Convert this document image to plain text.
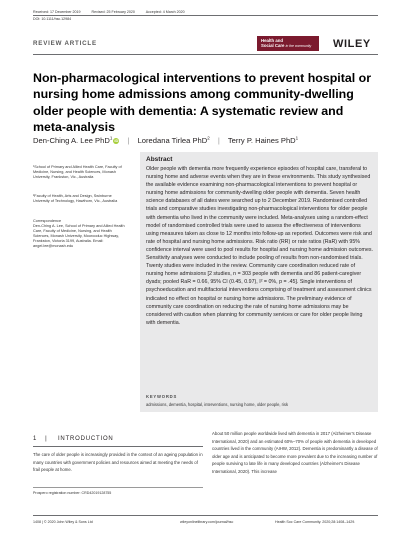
Received: 17 December 2019	Revised: 25 February 2020	Accepted: 4 March 2020
DOI: 10.1111/hsc.12984
REVIEW ARTICLE	Health and
Social Care in the community WILEY
Non-pharmacological interventions to prevent hospital or nursing home admissions among community-dwelling older people with dementia: A systematic review and meta-analysis
Den-Ching A. Lee PhD$^1$iD | Loredana Tirlea PhD$^2$ | Terry P. Haines PhD$^1$
¹School of Primary and Allied Health Care, Faculty of Medicine, Nursing, and Health Sciences, Monash University, Frankston, Vic., Australia
²Faculty of Health, Arts and Design, Swinburne University of Technology, Hawthorn, Vic., Australia
Correspondence
Den-Ching A. Lee, School of Primary and Allied Health Care, Faculty of Medicine, Nursing, and Health Sciences, Monash University, Moorooduc Highway, Frankston, Victoria 3199, Australia. Email: angel.lee@monash.edu
Abstract
Older people with dementia more frequently experience episodes of hospital care, transferal to nursing home and adverse events when they are in these environments. This study synthesised the available evidence examining non-pharmacological interventions to prevent hospital or nursing home admissions for community-dwelling older people with dementia. Seven health science databases of all dates were searched up to 2 December 2019. Randomised controlled trials and comparative studies investigating non-pharmacological interventions for older people with dementia who lived in the community were included. Meta-analyses using a random-effect model of randomised controlled trials were used to assess the effectiveness of interventions using measures taken as close to 12 months into follow-up as reported. Outcomes were risk and rate of hospital and nursing home admissions. Risk ratio (RR) or rate ratios (RaR) with 95% confidence interval were used to pool results for hospital and nursing home admission outcomes. Sensitivity analyses were conducted to include pooling of results from non-randomised trials. Twenty studies were included in the review. Community care coordination reduced rate of nursing home admissions [2 studies, n = 303 people with dementia and 86 patient-caregiver dyads; pooled RaR = 0.66, 95% CI (0.45, 0.97), I² = 0%, p = .45]. Single interventions of psychoeducation and multifactorial interventions comprising of treatment and assessment clinics indicated no effect on hospital or nursing home admissions. The preliminary evidence of community care coordination on reducing the rate of nursing home admissions may be considered with caution when planning for community services or care for older people living with dementia.
KEYWORDS
admissions, dementia, hospital, interventions, nursing home, older people, risk
1 | INTRODUCTION
The care of older people is increasingly provided in the context of an ageing population in many countries with government policies and resources aimed at meeting the needs of frail people at home.
About 50 million people worldwide lived with dementia in 2017 (Alzheimer's Disease International, 2020) and an estimated 60%–70% of people with dementia in developed countries lived in the community (AIHW, 2012). Dementia is predominantly a disease of older age and is anticipated to become more prevalent due to the increasing number of people surviving to late life in many developed countries (Alzheimer's Disease International, 2020). This increase
Prospero registration number: CRD42019128755
1408 | © 2020 John Wiley & Sons Ltd	wileyonlinelibrary.com/journal/hsc	Health Soc Care Community. 2020;28:1408–1429.
